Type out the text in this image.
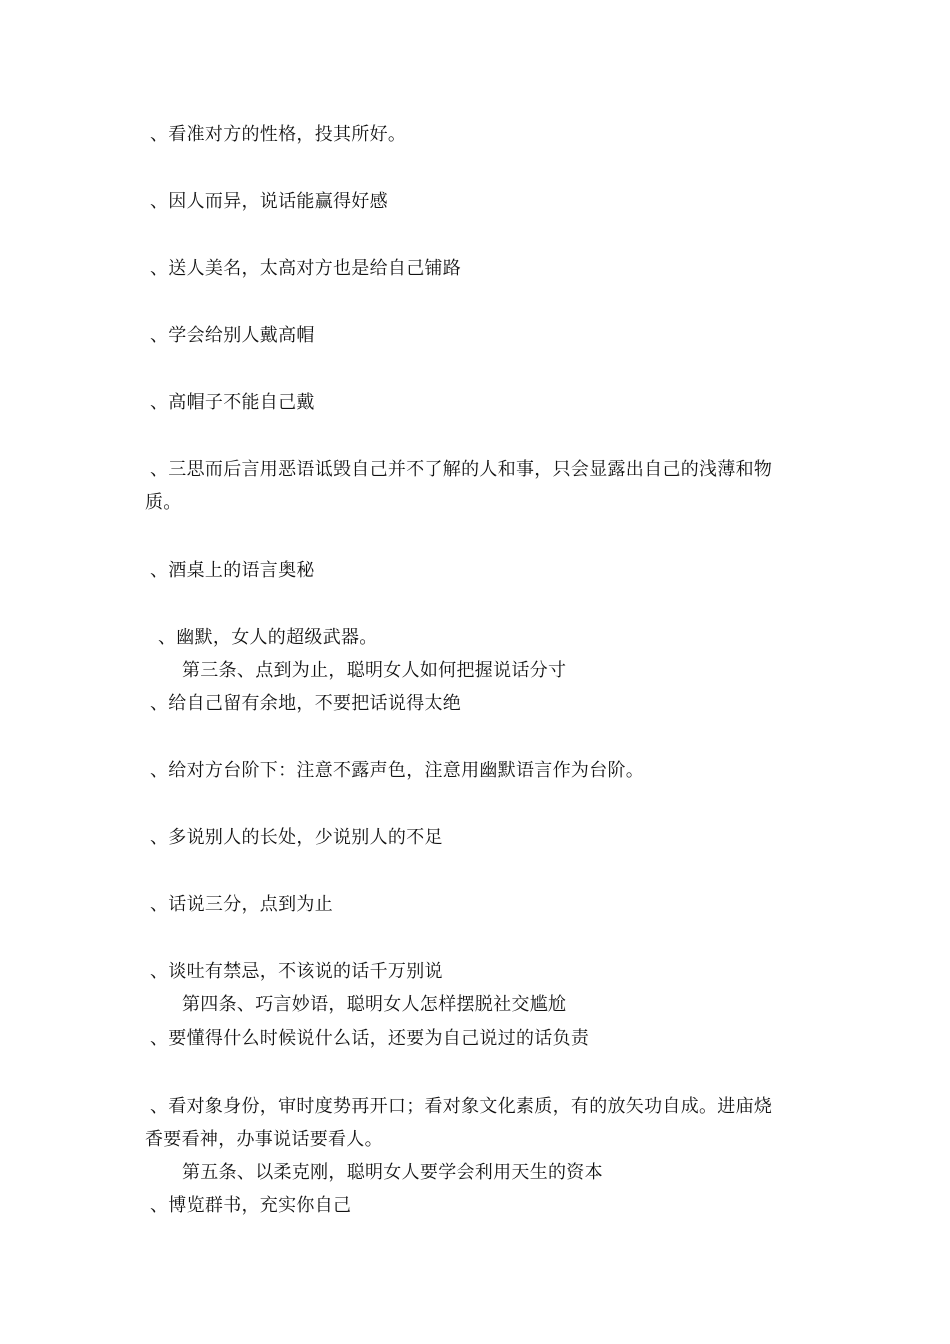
、看准对方的性格，投其所好。
、因人而异，说话能赢得好感
、送人美名，太高对方也是给自己铺路
、学会给别人戴高帽
、高帽子不能自己戴
、三思而后言用恶语诋毁自己并不了解的人和事，只会显露出自己的浅薄和物
质。
、酒桌上的语言奥秘
、幽默，女人的超级武器。
第三条、点到为止，聪明女人如何把握说话分寸
、给自己留有余地，不要把话说得太绝
、给对方台阶下：注意不露声色，注意用幽默语言作为台阶。
、多说别人的长处，少说别人的不足
、话说三分，点到为止
、谈吐有禁忌，不该说的话千万别说
第四条、巧言妙语，聪明女人怎样摆脱社交尴尬
、要懂得什么时候说什么话，还要为自己说过的话负责
、看对象身份，审时度势再开口；看对象文化素质，有的放矢功自成。进庙烧
香要看神，办事说话要看人。
第五条、以柔克刚，聪明女人要学会利用天生的资本
、博览群书，充实你自己
